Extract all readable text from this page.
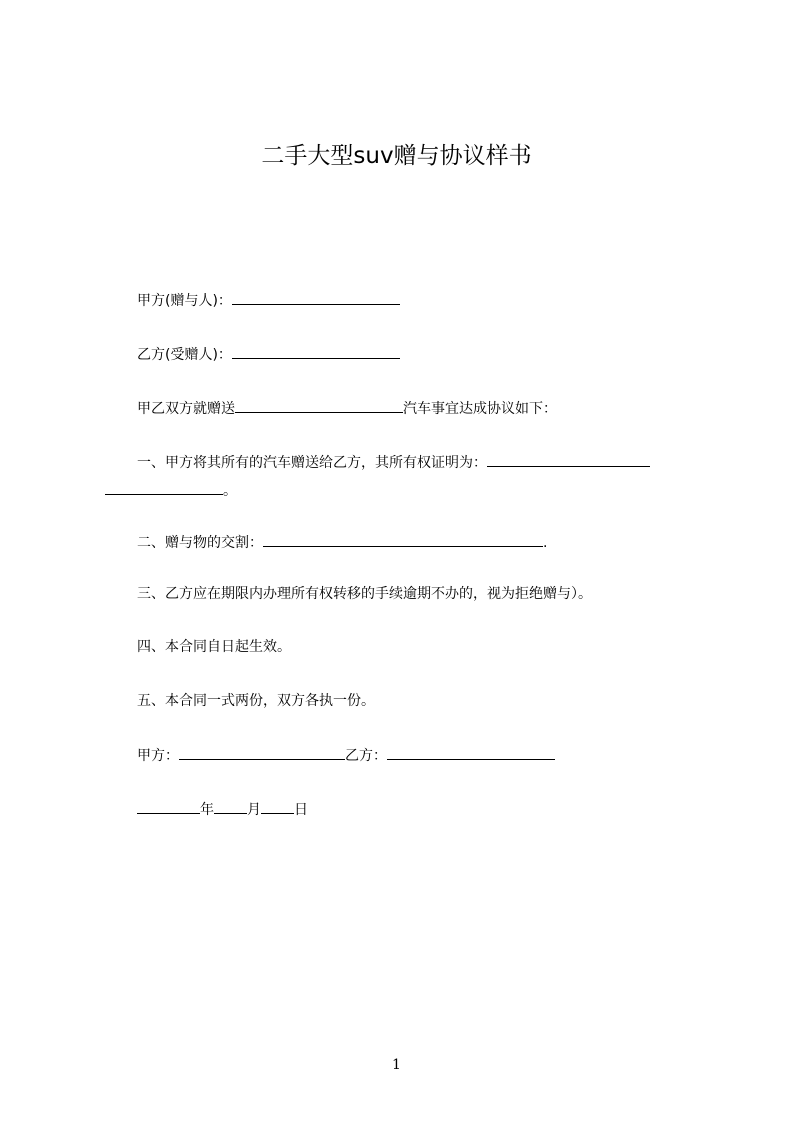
二手大型suv赠与协议样书
甲方(赠与人)：
乙方(受赠人)：
甲乙双方就赠送	汽车事宜达成协议如下：
一、甲方将其所有的汽车赠送给乙方，其所有权证明为：
。
二、赠与物的交割：	.
三、乙方应在期限内办理所有权转移的手续逾期不办的，视为拒绝赠与）。
四、本合同自日起生效。
五、本合同一式两份，双方各执一份。
甲方：	乙方：
年 月 日
1
